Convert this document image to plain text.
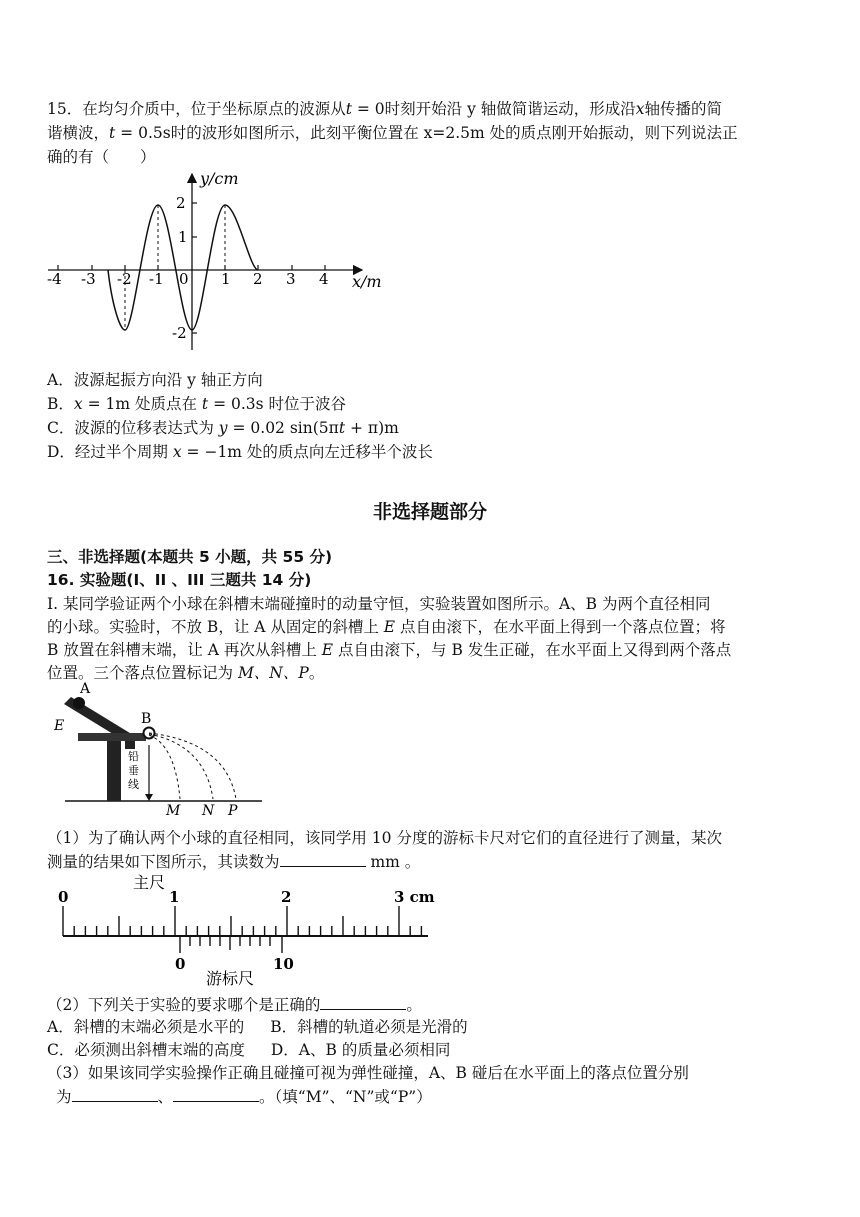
15．在均匀介质中，位于坐标原点的波源从t = 0时刻开始沿 y 轴做简谐运动，形成沿x轴传播的简
谐横波，t = 0.5s时的波形如图所示，此刻平衡位置在 x=2.5m 处的质点刚开始振动，则下列说法正
确的有（　　）
y/cm
x/m
-4 -3 -2 -1 0 1 2 3 4
2
1
-2
A．波源起振方向沿 y 轴正方向
B．x = 1m 处质点在 t = 0.3s 时位于波谷
C．波源的位移表达式为 y = 0.02 sin(5πt + π)m
D．经过半个周期 x = −1m 处的质点向左迁移半个波长
非选择题部分
三、非选择题(本题共 5 小题，共 55 分)
16. 实验题(I、II 、III 三题共 14 分)
I. 某同学验证两个小球在斜槽末端碰撞时的动量守恒，实验装置如图所示。A、B 为两个直径相同
的小球。实验时，不放 B，让 A 从固定的斜槽上 E 点自由滚下，在水平面上得到一个落点位置；将
B 放置在斜槽末端，让 A 再次从斜槽上 E 点自由滚下，与 B 发生正碰，在水平面上又得到两个落点
位置。三个落点位置标记为 M、N、P。
A
E	B
铅 垂 线
M N P
（1）为了确认两个小球的直径相同，该同学用 10 分度的游标卡尺对它们的直径进行了测量，某次
测量的结果如下图所示，其读数为	mm 。
主尺
0	1	2	3 cm
0	10
游标尺
（2）下列关于实验的要求哪个是正确的	。
A．斜槽的末端必须是水平的 B．斜槽的轨道必须是光滑的
C．必须测出斜槽末端的高度 D．A、B 的质量必须相同
（3）如果该同学实验操作正确且碰撞可视为弹性碰撞，A、B 碰后在水平面上的落点位置分别
为	、	。（填“M”、“N”或“P”）
